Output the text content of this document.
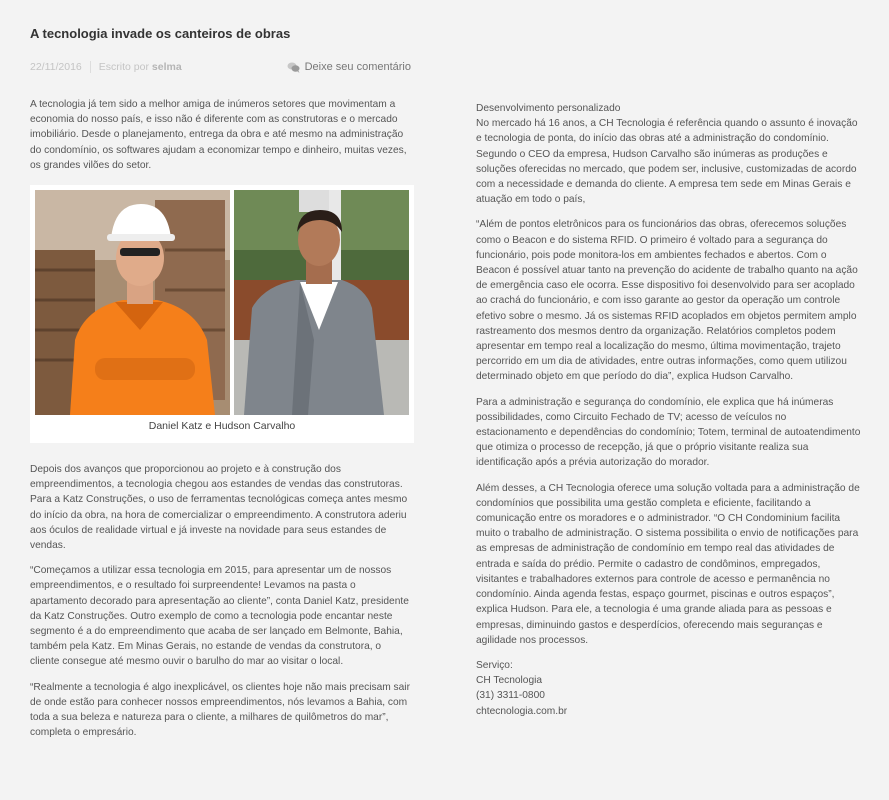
A tecnologia invade os canteiros de obras
22/11/2016	Escrito por selma	Deixe seu comentário

A tecnologia já tem sido a melhor amiga de inúmeros setores que movimentam a economia do nosso país, e isso não é diferente com as construtoras e o mercado imobiliário. Desde o planejamento, entrega da obra e até mesmo na administração do condomínio, os softwares ajudam a economizar tempo e dinheiro, muitas vezes, os grandes vilões do setor.

Daniel Katz e Hudson Carvalho

Depois dos avanços que proporcionou ao projeto e à construção dos empreendimentos, a tecnologia chegou aos estandes de vendas das construtoras. Para a Katz Construções, o uso de ferramentas tecnológicas começa antes mesmo do início da obra, na hora de comercializar o empreendimento. A construtora aderiu aos óculos de realidade virtual e já investe na novidade para seus estandes de vendas.

“Começamos a utilizar essa tecnologia em 2015, para apresentar um de nossos empreendimentos, e o resultado foi surpreendente! Levamos na pasta o apartamento decorado para apresentação ao cliente”, conta Daniel Katz, presidente da Katz Construções. Outro exemplo de como a tecnologia pode encantar neste segmento é a do empreendimento que acaba de ser lançado em Belmonte, Bahia, também pela Katz. Em Minas Gerais, no estande de vendas da construtora, o cliente consegue até mesmo ouvir o barulho do mar ao visitar o local.

“Realmente a tecnologia é algo inexplicável, os clientes hoje não mais precisam sair de onde estão para conhecer nossos empreendimentos, nós levamos a Bahia, com toda a sua beleza e natureza para o cliente, a milhares de quilômetros do mar”, completa o empresário.

Desenvolvimento personalizado

No mercado há 16 anos, a CH Tecnologia é referência quando o assunto é inovação e tecnologia de ponta, do início das obras até a administração do condomínio. Segundo o CEO da empresa, Hudson Carvalho são inúmeras as produções e soluções oferecidas no mercado, que podem ser, inclusive, customizadas de acordo com a necessidade e demanda do cliente. A empresa tem sede em Minas Gerais e atuação em todo o país,

“Além de pontos eletrônicos para os funcionários das obras, oferecemos soluções como o Beacon e do sistema RFID. O primeiro é voltado para a segurança do funcionário, pois pode monitora-los em ambientes fechados e abertos. Com o Beacon é possível atuar tanto na prevenção do acidente de trabalho quanto na ação de emergência caso ele ocorra. Esse dispositivo foi desenvolvido para ser acoplado ao crachá do funcionário, e com isso garante ao gestor da operação um controle efetivo sobre o mesmo. Já os sistemas RFID acoplados em objetos permitem amplo rastreamento dos mesmos dentro da organização. Relatórios completos podem apresentar em tempo real a localização do mesmo, última movimentação, trajeto percorrido em um dia de atividades, entre outras informações, como quem utilizou determinado objeto em que período do dia”, explica Hudson Carvalho.

Para a administração e segurança do condomínio, ele explica que há inúmeras possibilidades, como Circuito Fechado de TV; acesso de veículos no estacionamento e dependências do condomínio; Totem, terminal de autoatendimento que otimiza o processo de recepção, já que o próprio visitante realiza sua identificação após a prévia autorização do morador.

Além desses, a CH Tecnologia oferece uma solução voltada para a administração de condomínios que possibilita uma gestão completa e eficiente, facilitando a comunicação entre os moradores e o administrador. “O CH Condominium facilita muito o trabalho de administração. O sistema possibilita o envio de notificações para as empresas de administração de condomínio em tempo real das atividades de entrada e saída do prédio. Permite o cadastro de condôminos, empregados, visitantes e trabalhadores externos para controle de acesso e permanência no condomínio. Ainda agenda festas, espaço gourmet, piscinas e outros espaços”, explica Hudson. Para ele, a tecnologia é uma grande aliada para as pessoas e empresas, diminuindo gastos e desperdícios, oferecendo mais seguranças e agilidade nos processos.

Serviço:

CH Tecnologia

(31) 3311-0800

chtecnologia.com.br
